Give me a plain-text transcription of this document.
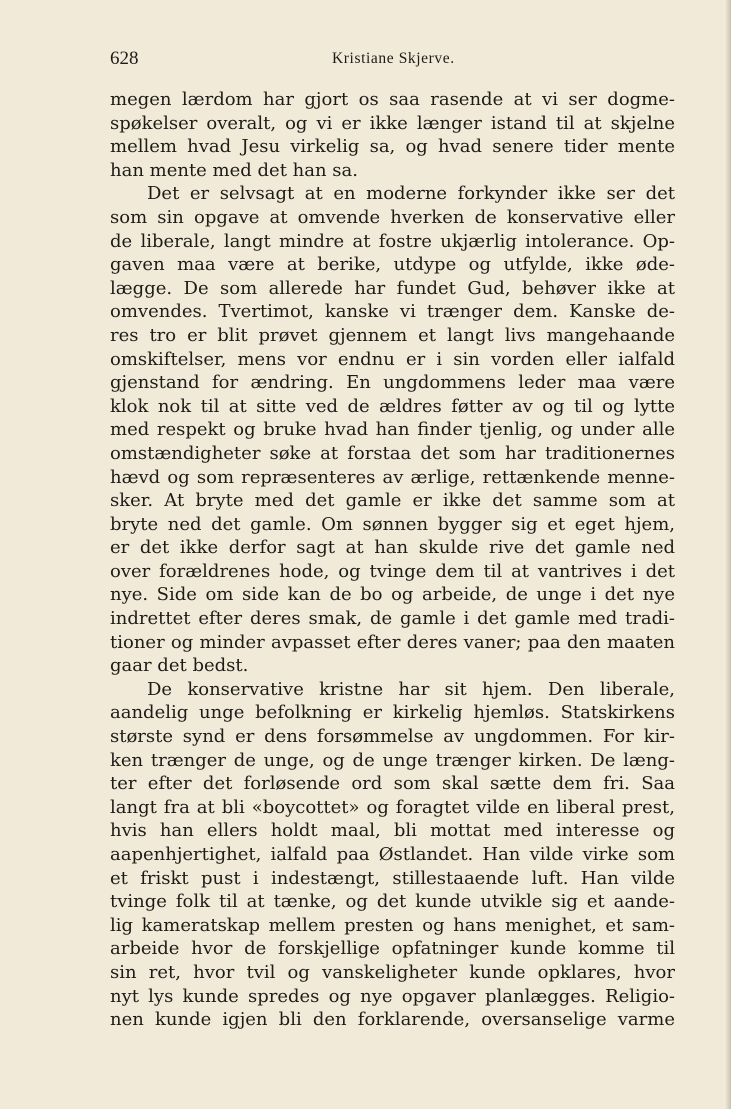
628	Kristiane Skjerve.
megen lærdom har gjort os saa rasende at vi ser dogme-
spøkelser overalt, og vi er ikke længer istand til at skjelne
mellem hvad Jesu virkelig sa, og hvad senere tider mente
han mente med det han sa.
Det er selvsagt at en moderne forkynder ikke ser det
som sin opgave at omvende hverken de konservative eller
de liberale, langt mindre at fostre ukjærlig intolerance. Op-
gaven maa være at berike, utdype og utfylde, ikke øde-
lægge. De som allerede har fundet Gud, behøver ikke at
omvendes. Tvertimot, kanske vi trænger dem. Kanske de-
res tro er blit prøvet gjennem et langt livs mangehaande
omskiftelser, mens vor endnu er i sin vorden eller ialfald
gjenstand for ændring. En ungdommens leder maa være
klok nok til at sitte ved de ældres føtter av og til og lytte
med respekt og bruke hvad han finder tjenlig, og under alle
omstændigheter søke at forstaa det som har traditionernes
hævd og som repræsenteres av ærlige, rettænkende menne-
sker. At bryte med det gamle er ikke det samme som at
bryte ned det gamle. Om sønnen bygger sig et eget hjem,
er det ikke derfor sagt at han skulde rive det gamle ned
over forældrenes hode, og tvinge dem til at vantrives i det
nye. Side om side kan de bo og arbeide, de unge i det nye
indrettet efter deres smak, de gamle i det gamle med tradi-
tioner og minder avpasset efter deres vaner; paa den maaten
gaar det bedst.
De konservative kristne har sit hjem. Den liberale,
aandelig unge befolkning er kirkelig hjemløs. Statskirkens
største synd er dens forsømmelse av ungdommen. For kir-
ken trænger de unge, og de unge trænger kirken. De læng-
ter efter det forløsende ord som skal sætte dem fri. Saa
langt fra at bli «boycottet» og foragtet vilde en liberal prest,
hvis han ellers holdt maal, bli mottat med interesse og
aapenhjertighet, ialfald paa Østlandet. Han vilde virke som
et friskt pust i indestængt, stillestaaende luft. Han vilde
tvinge folk til at tænke, og det kunde utvikle sig et aande-
lig kameratskap mellem presten og hans menighet, et sam-
arbeide hvor de forskjellige opfatninger kunde komme til
sin ret, hvor tvil og vanskeligheter kunde opklares, hvor
nyt lys kunde spredes og nye opgaver planlægges. Religio-
nen kunde igjen bli den forklarende, oversanselige varme
